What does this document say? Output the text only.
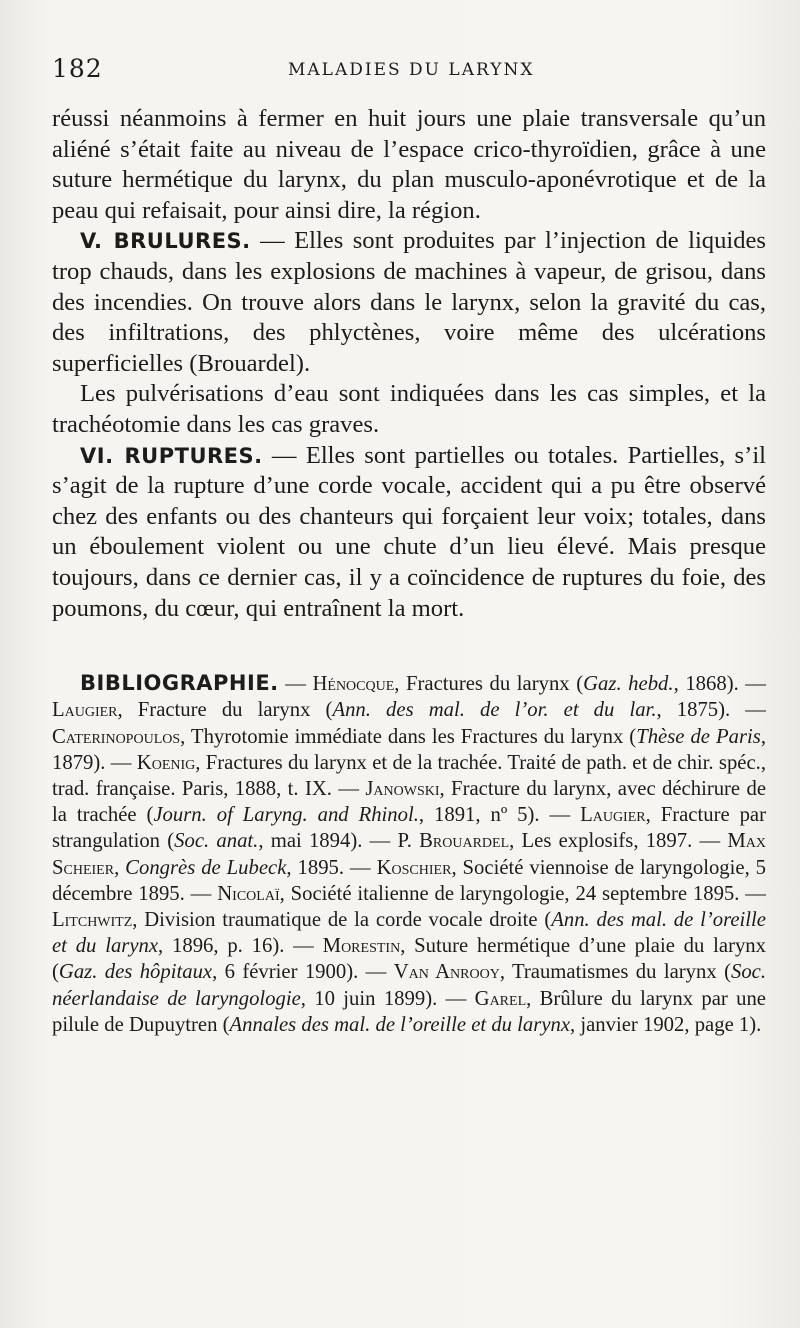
182	MALADIES DU LARYNX

réussi néanmoins à fermer en huit jours une plaie transversale qu’un aliéné s’était faite au niveau de l’espace crico-thyroïdien, grâce à une suture hermétique du larynx, du plan musculo-aponévrotique et de la peau qui refaisait, pour ainsi dire, la région.

V. BRULURES. — Elles sont produites par l’injection de liquides trop chauds, dans les explosions de machines à vapeur, de grisou, dans des incendies. On trouve alors dans le larynx, selon la gravité du cas, des infiltrations, des phlyctènes, voire même des ulcérations superficielles (Brouardel).

Les pulvérisations d’eau sont indiquées dans les cas simples, et la trachéotomie dans les cas graves.

VI. RUPTURES. — Elles sont partielles ou totales. Partielles, s’il s’agit de la rupture d’une corde vocale, accident qui a pu être observé chez des enfants ou des chanteurs qui forçaient leur voix; totales, dans un éboulement violent ou une chute d’un lieu élevé. Mais presque toujours, dans ce dernier cas, il y a coïncidence de ruptures du foie, des poumons, du cœur, qui entraînent la mort.

BIBLIOGRAPHIE. — Hénocque, Fractures du larynx (Gaz. hebd., 1868). — Laugier, Fracture du larynx (Ann. des mal. de l’or. et du lar., 1875). — Caterinopoulos, Thyrotomie immédiate dans les Fractures du larynx (Thèse de Paris, 1879). — Koenig, Fractures du larynx et de la trachée. Traité de path. et de chir. spéc., trad. française. Paris, 1888, t. IX. — Janowski, Fracture du larynx, avec déchirure de la trachée (Journ. of Laryng. and Rhinol., 1891, nº 5). — Laugier, Fracture par strangulation (Soc. anat., mai 1894). — P. Brouardel, Les explosifs, 1897. — Max Scheier, Congrès de Lubeck, 1895. — Koschier, Société viennoise de laryngologie, 5 décembre 1895. — Nicolaï, Société italienne de laryngologie, 24 septembre 1895. — Litchwitz, Division traumatique de la corde vocale droite (Ann. des mal. de l’oreille et du larynx, 1896, p. 16). — Morestin, Suture hermétique d’une plaie du larynx (Gaz. des hôpitaux, 6 février 1900). — Van Anrooy, Traumatismes du larynx (Soc. néerlandaise de laryngologie, 10 juin 1899). — Garel, Brûlure du larynx par une pilule de Dupuytren (Annales des mal. de l’oreille et du larynx, janvier 1902, page 1).
